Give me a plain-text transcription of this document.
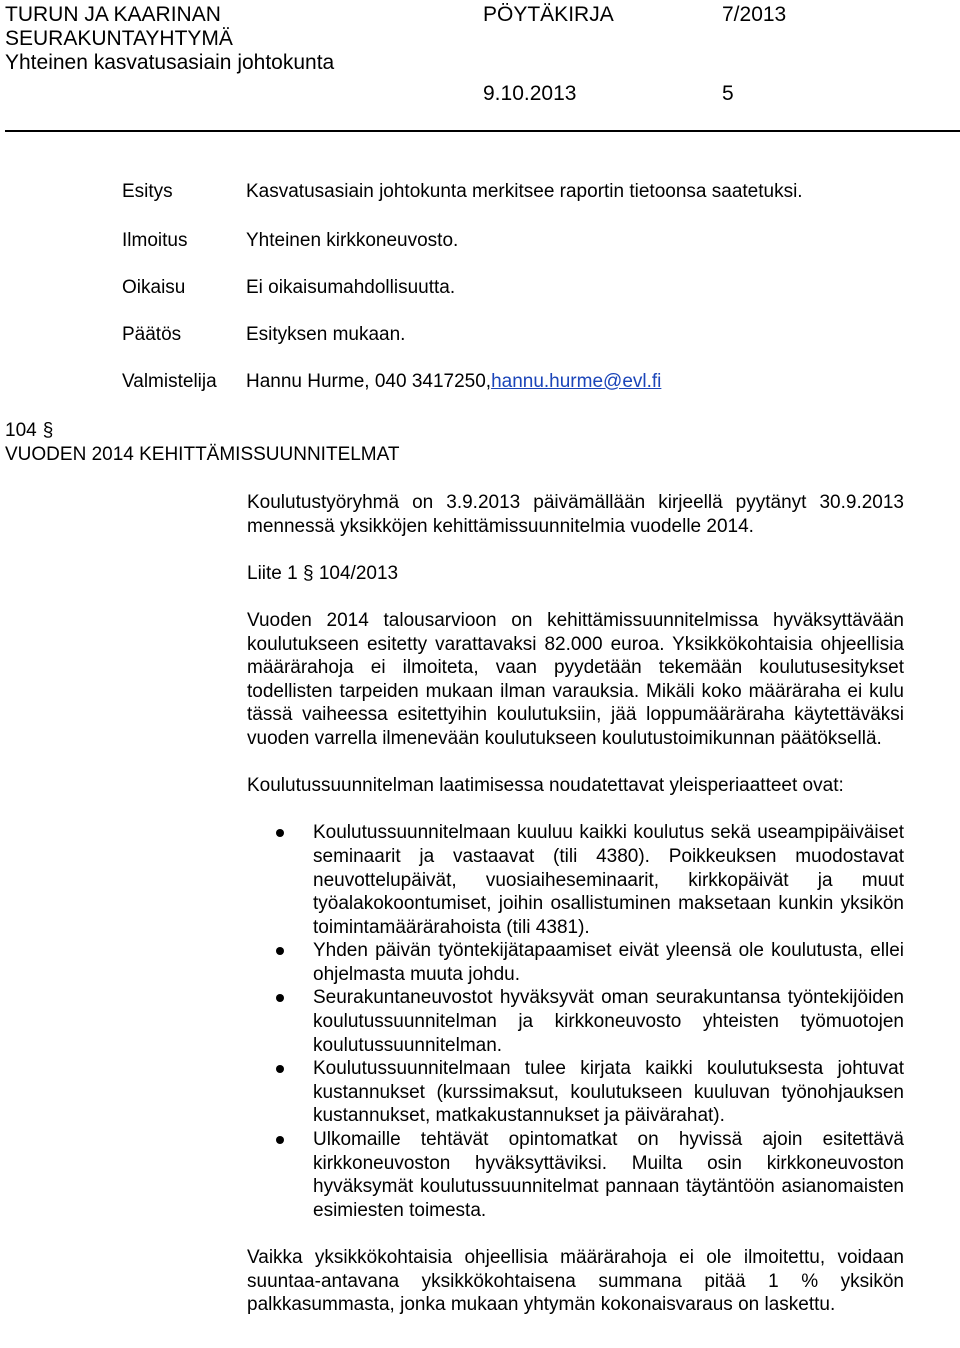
TURUN JA KAARINAN
SEURAKUNTAYHTYMÄ
Yhteinen kasvatusasiain johtokunta
PÖYTÄKIRJA	7/2013
9.10.2013	5
Esitys	Kasvatusasiain johtokunta merkitsee raportin tietoonsa saatetuksi.
Ilmoitus	Yhteinen kirkkoneuvosto.
Oikaisu	Ei oikaisumahdollisuutta.
Päätös	Esityksen mukaan.
Valmistelija Hannu Hurme, 040 3417250,hannu.hurme@evl.fi
104 §
VUODEN 2014 KEHITTÄMISSUUNNITELMAT

Koulutustyöryhmä on 3.9.2013 päivämällään kirjeellä pyytänyt 30.9.2013 mennessä yksikköjen kehittämissuunnitelmia vuodelle 2014.

Liite 1 § 104/2013

Vuoden 2014 talousarvioon on kehittämissuunnitelmissa hyväksyttävään koulutukseen esitetty varattavaksi 82.000 euroa. Yksikkökohtaisia ohjeellisia määrärahoja ei ilmoiteta, vaan pyydetään tekemään koulutusesitykset todellisten tarpeiden mukaan ilman varauksia. Mikäli koko määräraha ei kulu tässä vaiheessa esitettyihin koulutuksiin, jää loppumääräraha käytettäväksi vuoden varrella ilmenevään koulutukseen koulutustoimikunnan päätöksellä.

Koulutussuunnitelman laatimisessa noudatettavat yleisperiaatteet ovat:

Koulutussuunnitelmaan kuuluu kaikki koulutus sekä useampipäiväiset seminaarit ja vastaavat (tili 4380). Poikkeuksen muodostavat neuvottelupäivät, vuosiaiheseminaarit, kirkkopäivät ja muut työalakokoontumiset, joihin osallistuminen maksetaan kunkin yksikön toimintamäärärahoista (tili 4381).
Yhden päivän työntekijätapaamiset eivät yleensä ole koulutusta, ellei ohjelmasta muuta johdu.
Seurakuntaneuvostot hyväksyvät oman seurakuntansa työntekijöiden koulutussuunnitelman ja kirkkoneuvosto yhteisten työmuotojen koulutussuunnitelman.
Koulutussuunnitelmaan tulee kirjata kaikki koulutuksesta johtuvat kustannukset (kurssimaksut, koulutukseen kuuluvan työnohjauksen kustannukset, matkakustannukset ja päivärahat).
Ulkomaille tehtävät opintomatkat on hyvissä ajoin esitettävä kirkkoneuvoston hyväksyttäviksi. Muilta osin kirkkoneuvoston hyväksymät koulutussuunnitelmat pannaan täytäntöön asianomaisten esimiesten toimesta.

Vaikka yksikkökohtaisia ohjeellisia määrärahoja ei ole ilmoitettu, voidaan suuntaa-antavana yksikkökohtaisena summana pitää 1 % yksikön palkkasummasta, jonka mukaan yhtymän kokonaisvaraus on laskettu.
